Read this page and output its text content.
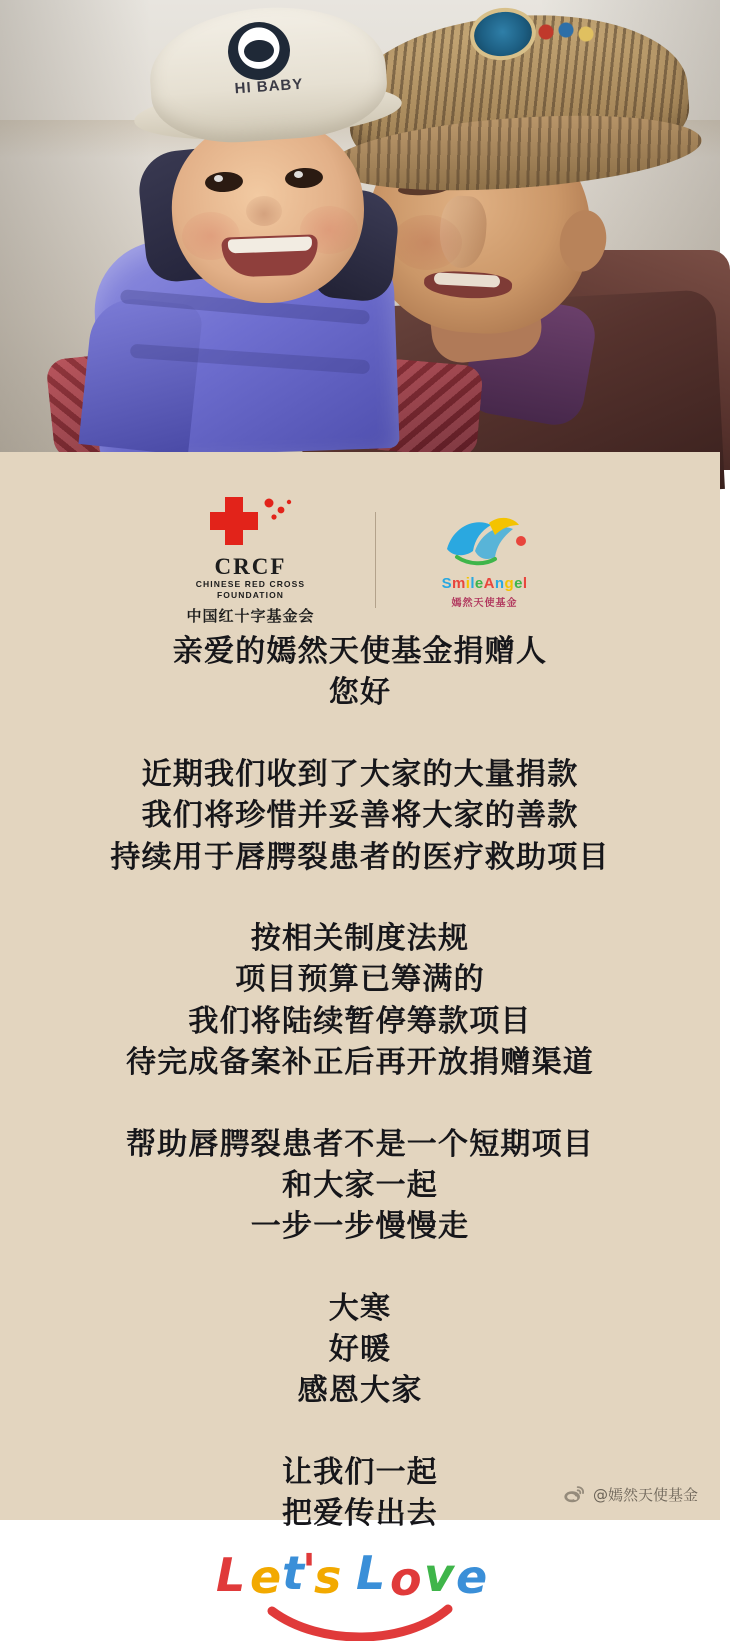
HI BABY
CRCF
CHINESE RED CROSS
FOUNDATION
中国红十字基金会
SmileAngel
嫣然天使基金
亲爱的嫣然天使基金捐赠人
您好
近期我们收到了大家的大量捐款
我们将珍惜并妥善将大家的善款
持续用于唇腭裂患者的医疗救助项目
按相关制度法规
项目预算已筹满的
我们将陆续暂停筹款项目
待完成备案补正后再开放捐赠渠道
帮助唇腭裂患者不是一个短期项目
和大家一起
一步一步慢慢走
大寒
好暖
感恩大家
让我们一起
把爱传出去
L e t
'
s L o v e
@嫣然天使基金
